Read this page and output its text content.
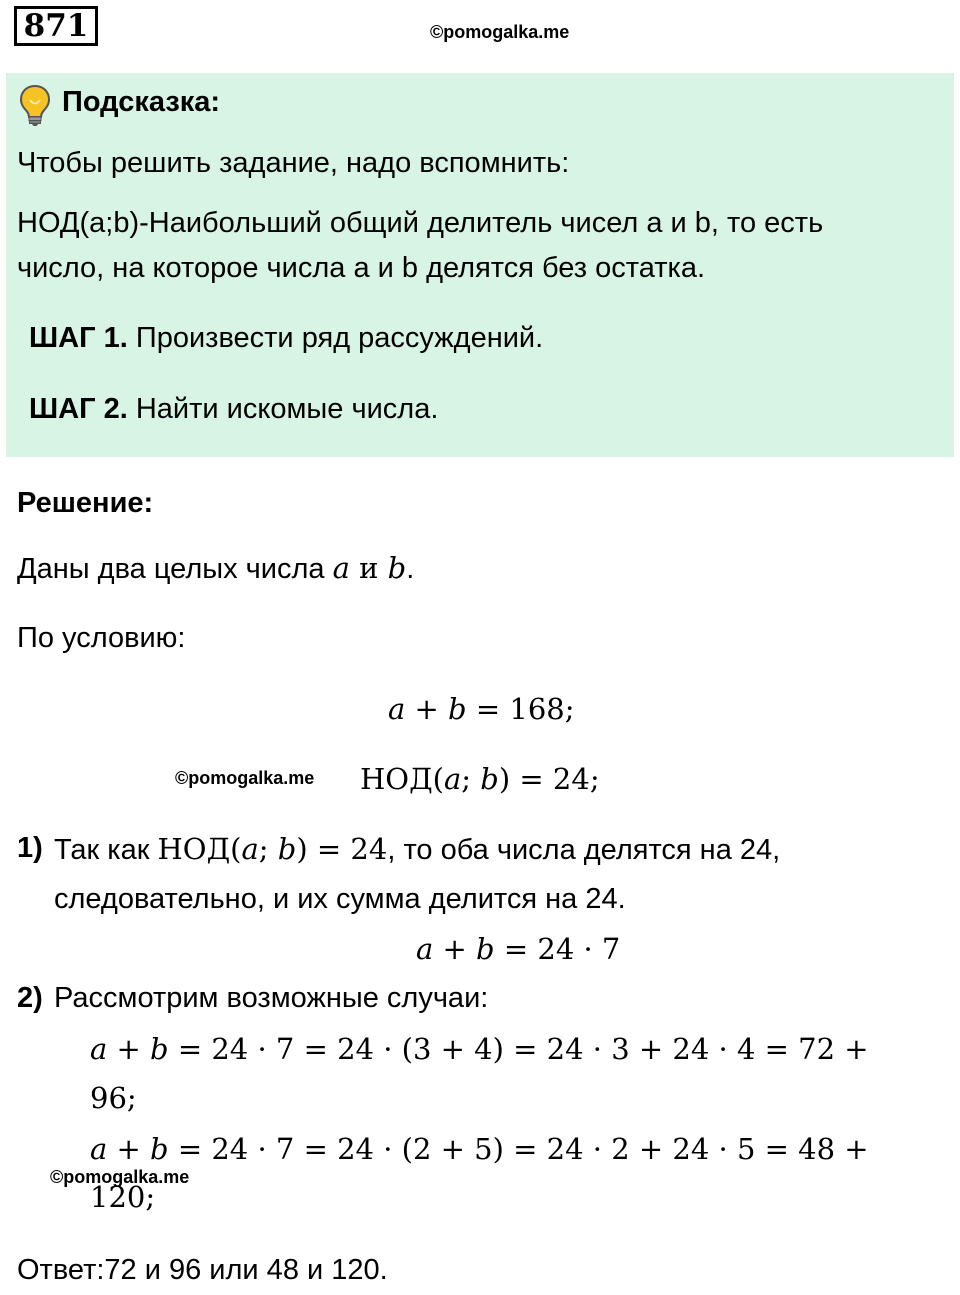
871	©pomogalka.me
Подсказка:
Чтобы решить задание, надо вспомнить:
НОД(a;b)-Наибольший общий делитель чисел a и b, то есть
число, на которое числа a и b делятся без остатка.
ШАГ 1. Произвести ряд рассуждений.
ШАГ 2. Найти искомые числа.
Решение:
Даны два целых числа a и b.
По условию:
a + b = 168;
©pomogalka.me НОД(a; b) = 24;
1) Так как НОД(a; b) = 24, то оба числа делятся на 24,
следовательно, и их сумма делится на 24.
a + b = 24 · 7
2) Рассмотрим возможные случаи:
a + b = 24 · 7 = 24 · (3 + 4) = 24 · 3 + 24 · 4 = 72 +
96;
a + b = 24 · 7 = 24 · (2 + 5) = 24 · 2 + 24 · 5 = 48 +
©pomogalka.me
120;
Ответ:72 и 96 или 48 и 120.
